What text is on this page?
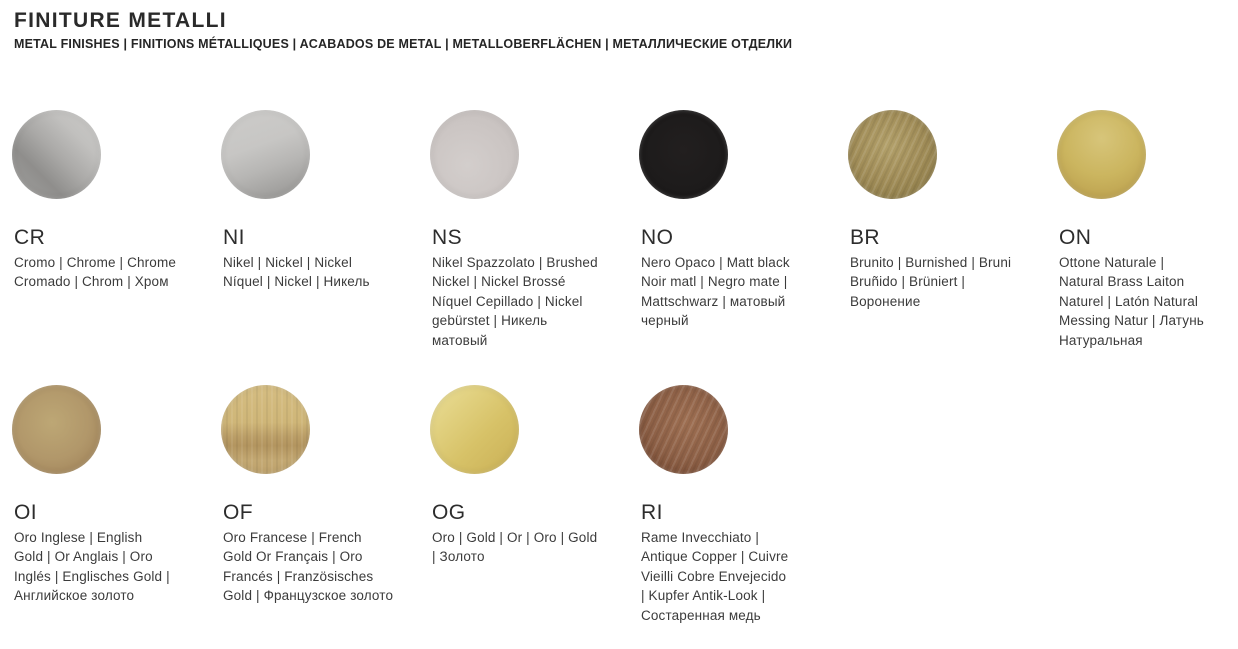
FINITURE METALLI
METAL FINISHES | FINITIONS MÉTALLIQUES | ACABADOS DE METAL | METALLOBERFLÄCHEN | МЕТАЛЛИЧЕСКИЕ ОТДЕЛКИ
CR
Cromo | Chrome | Chrome
Cromado | Chrom | Хром
NI
Nikel | Nickel | Nickel
Níquel | Nickel | Никель
NS
Nikel Spazzolato | Brushed
Nickel | Nickel Brossé
Níquel Cepillado | Nickel
gebürstet | Никель
матовый
NO
Nero Opaco | Matt black
Noir matl | Negro mate |
Mattschwarz | матовый
черный
BR
Brunito | Burnished | Bruni
Bruñido | Brüniert |
Воронение
ON
Ottone Naturale |
Natural Brass Laiton
Naturel | Latón Natural
Messing Natur | Латунь
Натуральная
OI
Oro Inglese | English
Gold | Or Anglais | Oro
Inglés | Englisches Gold |
Английское золото
OF
Oro Francese | French
Gold Or Français | Oro
Francés | Französisches
Gold | Французское золото
OG
Oro | Gold | Or | Oro | Gold
| Золото
RI
Rame Invecchiato |
Antique Copper | Cuivre
Vieilli Cobre Envejecido
| Kupfer Antik-Look |
Состаренная медь
